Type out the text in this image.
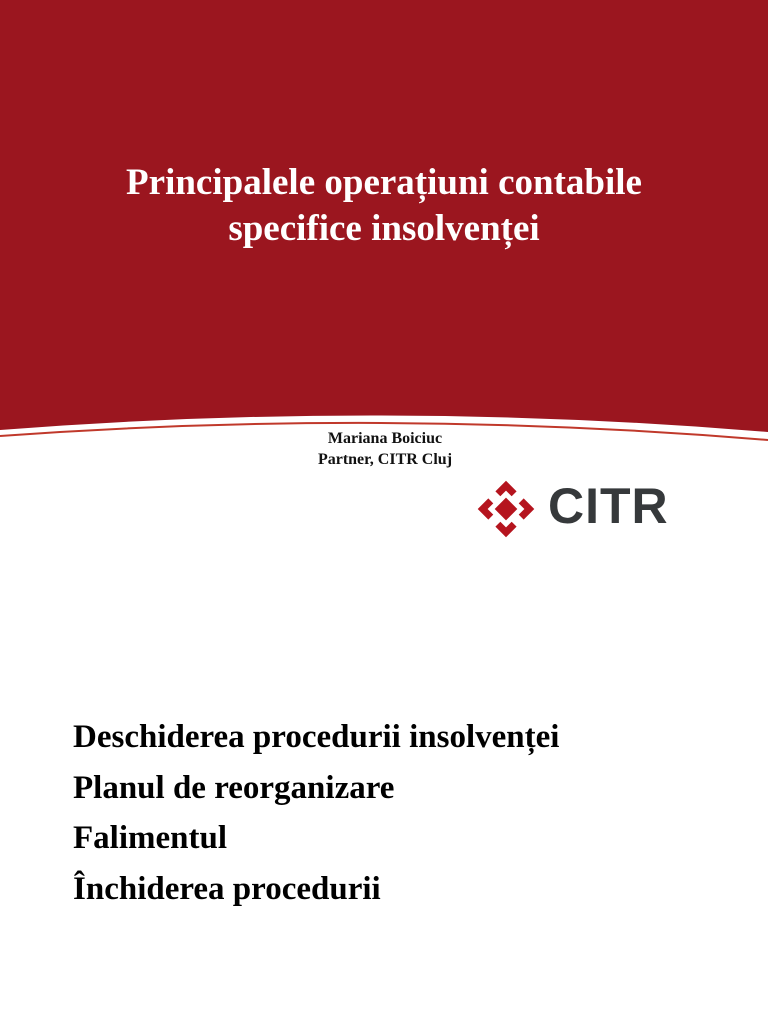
Principalele operațiuni contabile
specifice insolvenței
Mariana Boiciuc
Partner, CITR Cluj
CITR
Deschiderea procedurii insolvenței
Planul de reorganizare
Falimentul
Închiderea procedurii
